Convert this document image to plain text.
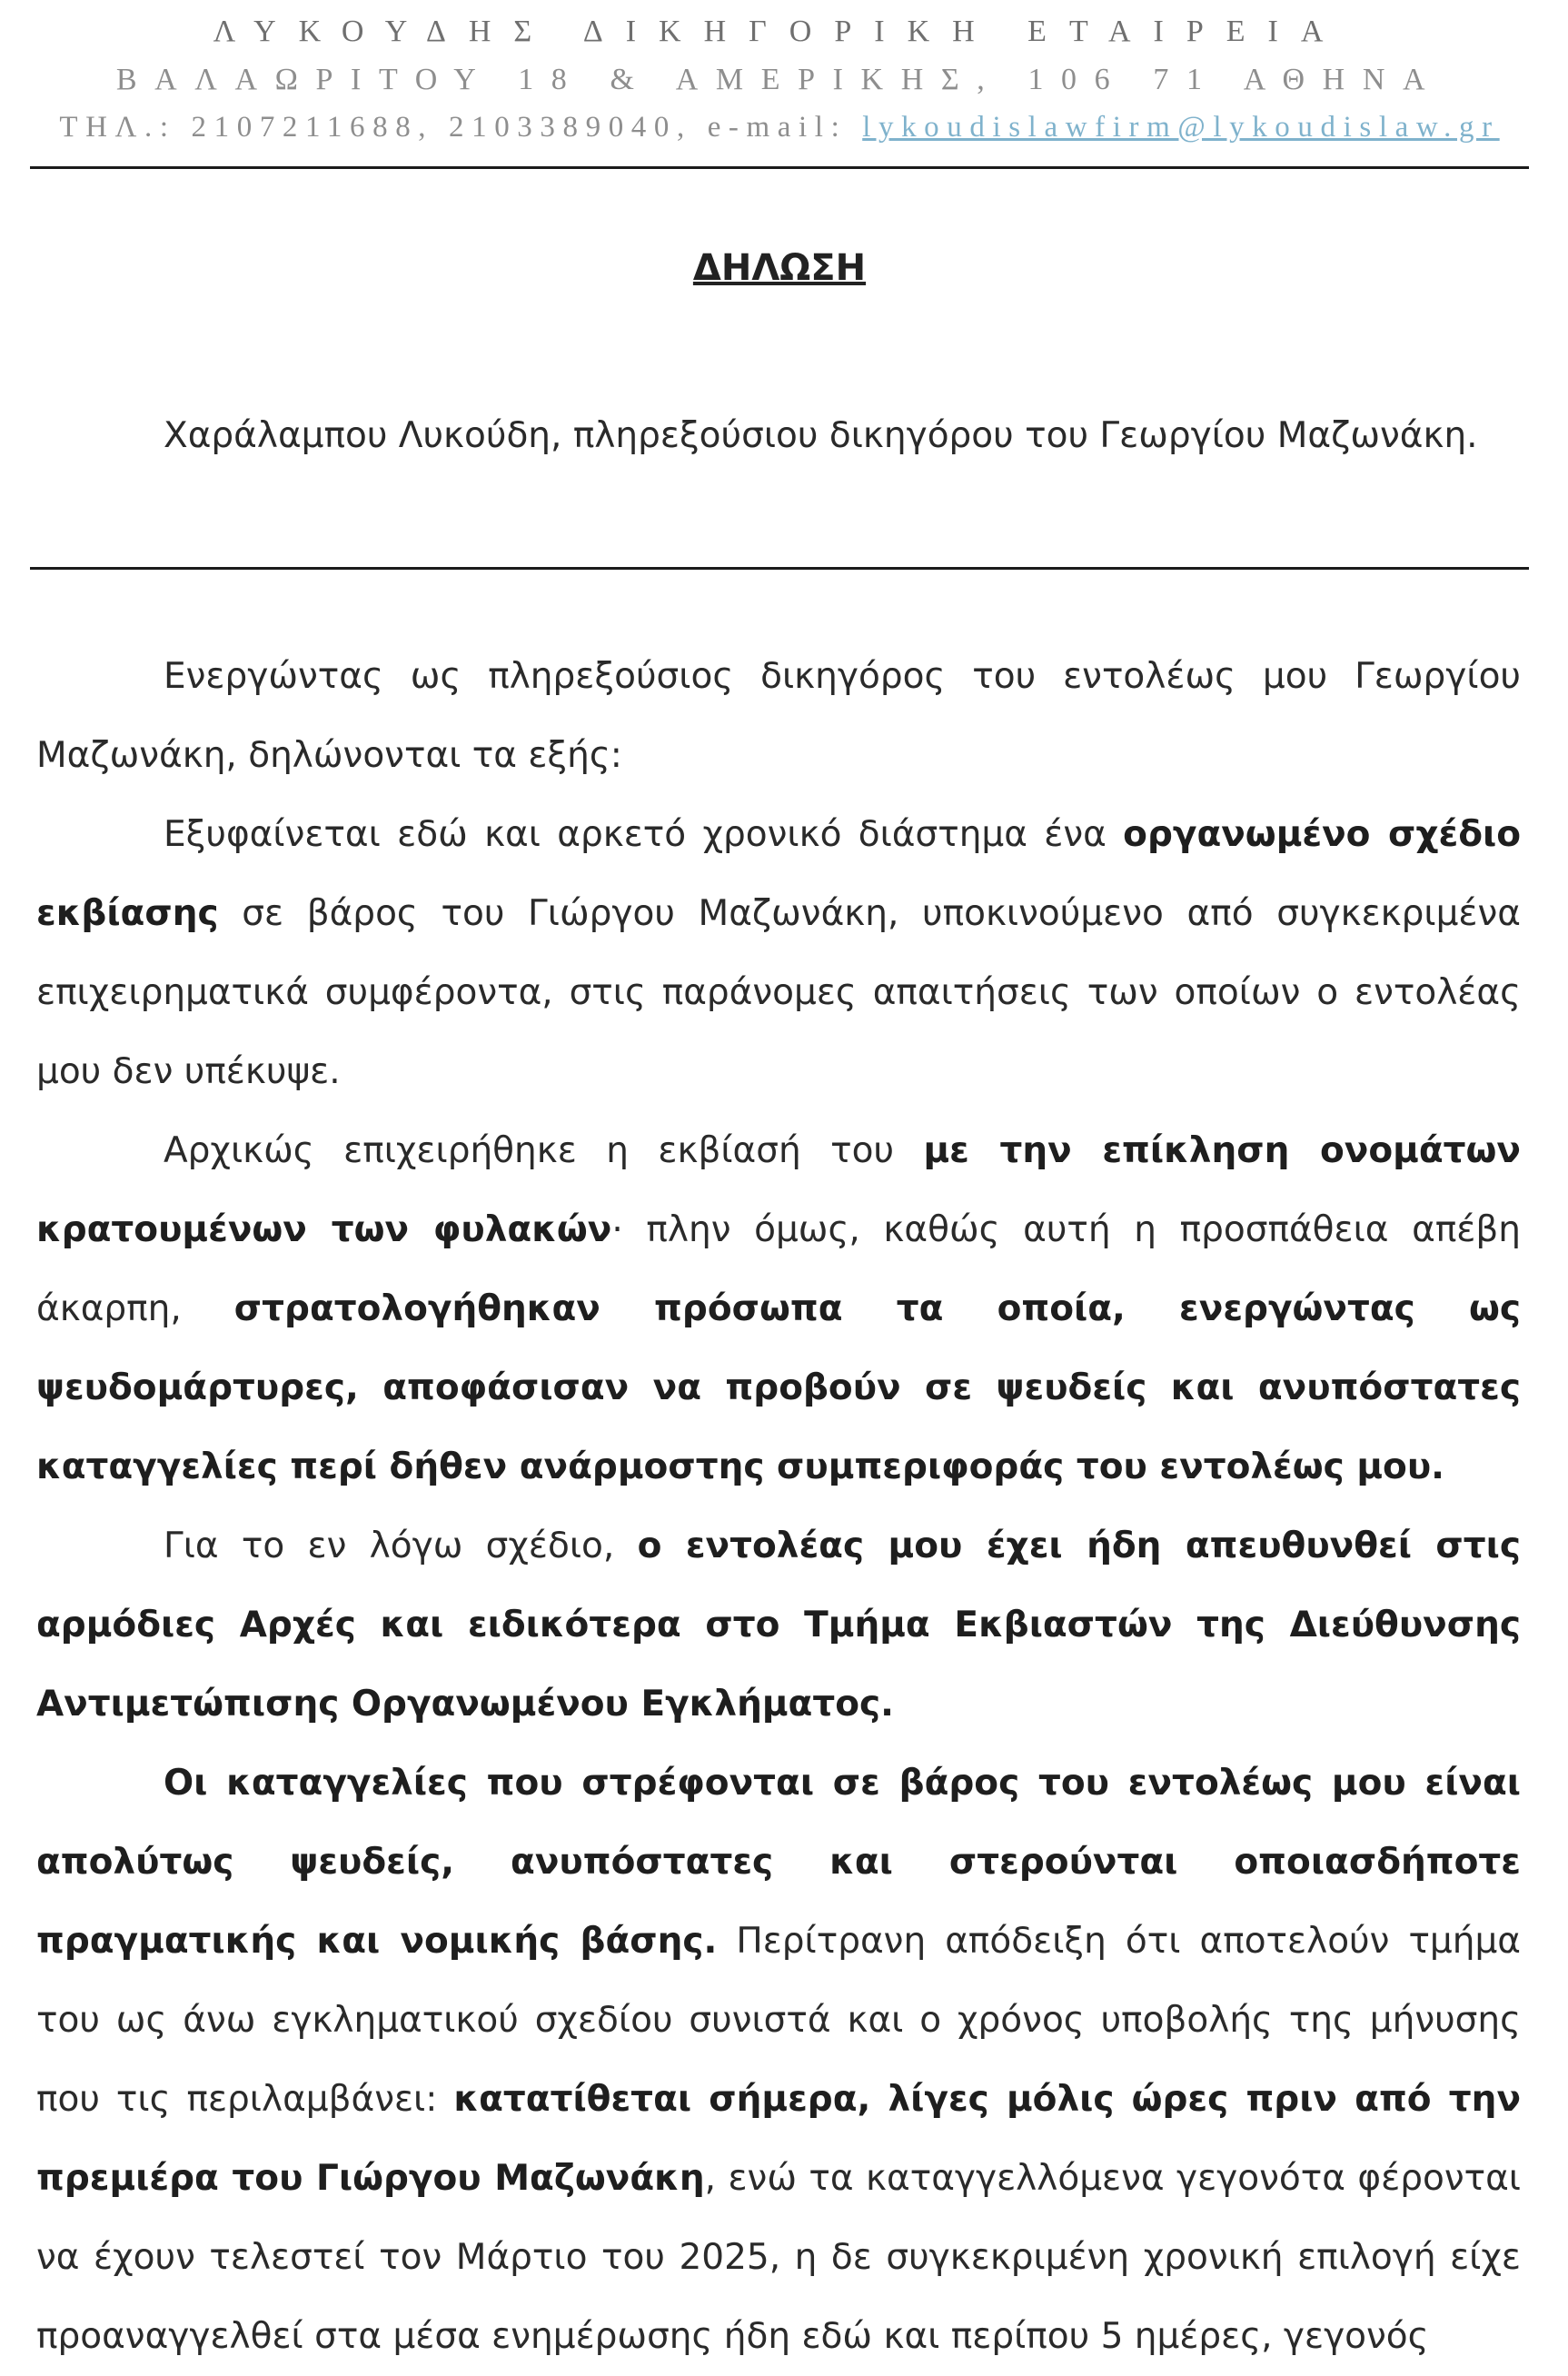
ΛΥΚΟΥΔΗΣ ΔΙΚΗΓΟΡΙΚΗ ΕΤΑΙΡΕΙΑ
ΒΑΛΑΩΡΙΤΟΥ 18 & ΑΜΕΡΙΚΗΣ, 106 71 ΑΘΗΝΑ
ΤΗΛ.: 2107211688, 2103389040, e-mail: lykoudislawfirm@lykoudislaw.gr
ΔΗΛΩΣΗ

Χαράλαμπου Λυκούδη, πληρεξούσιου δικηγόρου του Γεωργίου Μαζωνάκη.

Ενεργώντας ως πληρεξούσιος δικηγόρος του εντολέως μου Γεωργίου Μαζωνάκη, δηλώνονται τα εξής:

Εξυφαίνεται εδώ και αρκετό χρονικό διάστημα ένα οργανωμένο σχέδιο εκβίασης σε βάρος του Γιώργου Μαζωνάκη, υποκινούμενο από συγκεκριμένα επιχειρηματικά συμφέροντα, στις παράνομες απαιτήσεις των οποίων ο εντολέας μου δεν υπέκυψε.

Αρχικώς επιχειρήθηκε η εκβίασή του με την επίκληση ονομάτων κρατουμένων των φυλακών· πλην όμως, καθώς αυτή η προσπάθεια απέβη άκαρπη, στρατολογήθηκαν πρόσωπα τα οποία, ενεργώντας ως ψευδομάρτυρες, αποφάσισαν να προβούν σε ψευδείς και ανυπόστατες καταγγελίες περί δήθεν ανάρμοστης συμπεριφοράς του εντολέως μου.

Για το εν λόγω σχέδιο, ο εντολέας μου έχει ήδη απευθυνθεί στις αρμόδιες Αρχές και ειδικότερα στο Τμήμα Εκβιαστών της Διεύθυνσης Αντιμετώπισης Οργανωμένου Εγκλήματος.

Οι καταγγελίες που στρέφονται σε βάρος του εντολέως μου είναι απολύτως ψευδείς, ανυπόστατες και στερούνται οποιασδήποτε πραγματικής και νομικής βάσης. Περίτρανη απόδειξη ότι αποτελούν τμήμα του ως άνω εγκληματικού σχεδίου συνιστά και ο χρόνος υποβολής της μήνυσης που τις περιλαμβάνει: κατατίθεται σήμερα, λίγες μόλις ώρες πριν από την πρεμιέρα του Γιώργου Μαζωνάκη, ενώ τα καταγγελλόμενα γεγονότα φέρονται να έχουν τελεστεί τον Μάρτιο του 2025, η δε συγκεκριμένη χρονική επιλογή είχε προαναγγελθεί στα μέσα ενημέρωσης ήδη εδώ και περίπου 5 ημέρες, γεγονός
